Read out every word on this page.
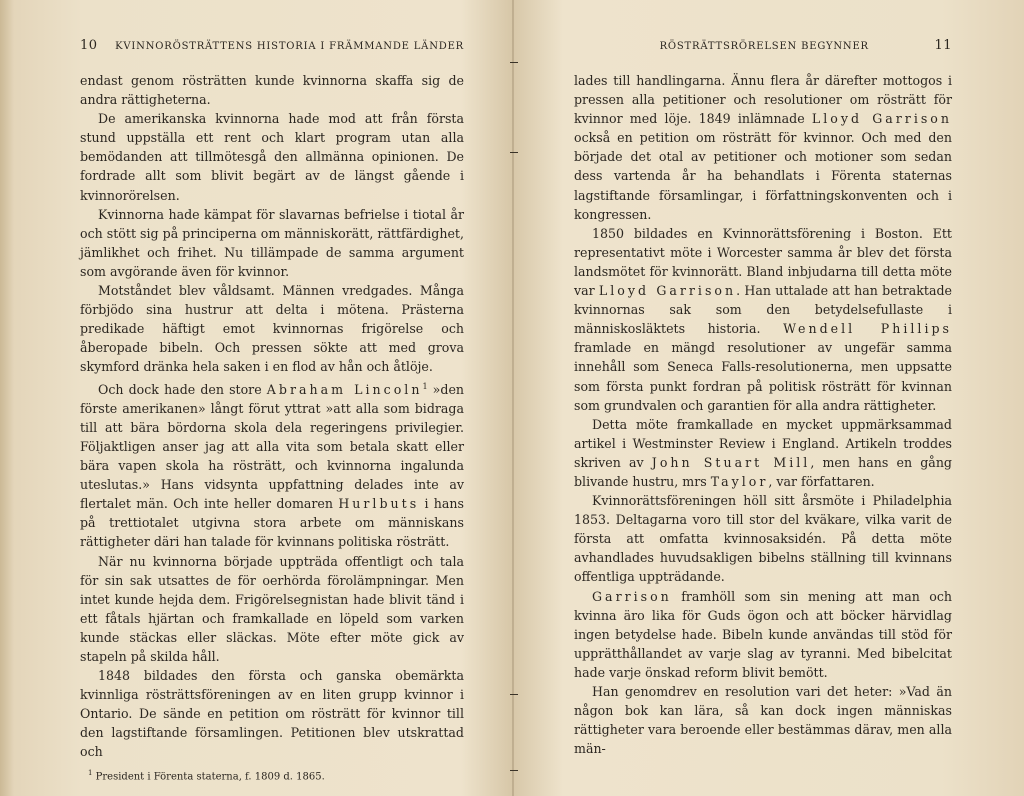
10 KVINNORÖSTRÄTTENS HISTORIA I FRÄMMANDE LÄNDER

endast genom rösträtten kunde kvinnorna skaffa sig de andra rättigheterna.

De amerikanska kvinnorna hade mod att från första stund uppställa ett rent och klart program utan alla bemödanden att tillmötesgå den allmänna opinionen. De fordrade allt som blivit begärt av de längst gående i kvinnorörelsen.

Kvinnorna hade kämpat för slavarnas befrielse i tiotal år och stött sig på principerna om människorätt, rättfärdighet, jämlikhet och frihet. Nu tillämpade de samma argument som avgörande även för kvinnor.

Motståndet blev våldsamt. Männen vredgades. Många förbjödo sina hustrur att delta i mötena. Prästerna predikade häftigt emot kvinnornas frigörelse och åberopade bibeln. Och pressen sökte att med grova skymford dränka hela saken i en flod av hån och åtlöje.

Och dock hade den store Abraham Lincoln$^1$ »den förste amerikanen» långt förut yttrat »att alla som bidraga till att bära bördorna skola dela regeringens privilegier. Följaktligen anser jag att alla vita som betala skatt eller bära vapen skola ha rösträtt, och kvinnorna ingalunda uteslutas.» Hans vidsynta uppfattning delades inte av flertalet män. Och inte heller domaren Hurlbuts i hans på trettiotalet utgivna stora arbete om människans rättigheter däri han talade för kvinnans politiska rösträtt.

När nu kvinnorna började uppträda offentligt och tala för sin sak utsattes de för oerhörda förolämpningar. Men intet kunde hejda dem. Frigörelsegnistan hade blivit tänd i ett fåtals hjärtan och framkallade en löpeld som varken kunde stäckas eller släckas. Möte efter möte gick av stapeln på skilda håll.

1848 bildades den första och ganska obemärkta kvinnliga rösträttsföreningen av en liten grupp kvinnor i Ontario. De sände en petition om rösträtt för kvinnor till den lagstiftande församlingen. Petitionen blev utskrattad och

$^1$ President i Förenta staterna, f. 1809 d. 1865.
RÖSTRÄTTSRÖRELSEN BEGYNNER	11

lades till handlingarna. Ännu flera år därefter mottogos i pressen alla petitioner och resolutioner om rösträtt för kvinnor med löje. 1849 inlämnade Lloyd Garrison också en petition om rösträtt för kvinnor. Och med den började det otal av petitioner och motioner som sedan dess vartenda år ha behandlats i Förenta staternas lagstiftande församlingar, i författningskonventen och i kongressen.

1850 bildades en Kvinnorättsförening i Boston. Ett representativt möte i Worcester samma år blev det första landsmötet för kvinnorätt. Bland inbjudarna till detta möte var Lloyd Garrison. Han uttalade att han betraktade kvinnornas sak som den betydelsefullaste i människosläktets historia. Wendell Phillips framlade en mängd resolutioner av ungefär samma innehåll som Seneca Falls-resolutionerna, men uppsatte som första punkt fordran på politisk rösträtt för kvinnan som grundvalen och garantien för alla andra rättigheter.

Detta möte framkallade en mycket uppmärksammad artikel i Westminster Review i England. Artikeln troddes skriven av John Stuart Mill, men hans en gång blivande hustru, mrs Taylor, var författaren.

Kvinnorättsföreningen höll sitt årsmöte i Philadelphia 1853. Deltagarna voro till stor del kväkare, vilka varit de första att omfatta kvinnosaksidén. På detta möte avhandlades huvudsakligen bibelns ställning till kvinnans offentliga uppträdande.

Garrison framhöll som sin mening att man och kvinna äro lika för Guds ögon och att böcker härvidlag ingen betydelse hade. Bibeln kunde användas till stöd för upprätthållandet av varje slag av tyranni. Med bibelcitat hade varje önskad reform blivit bemött.

Han genomdrev en resolution vari det heter: »Vad än någon bok kan lära, så kan dock ingen människas rättigheter vara beroende eller bestämmas därav, men alla män-
